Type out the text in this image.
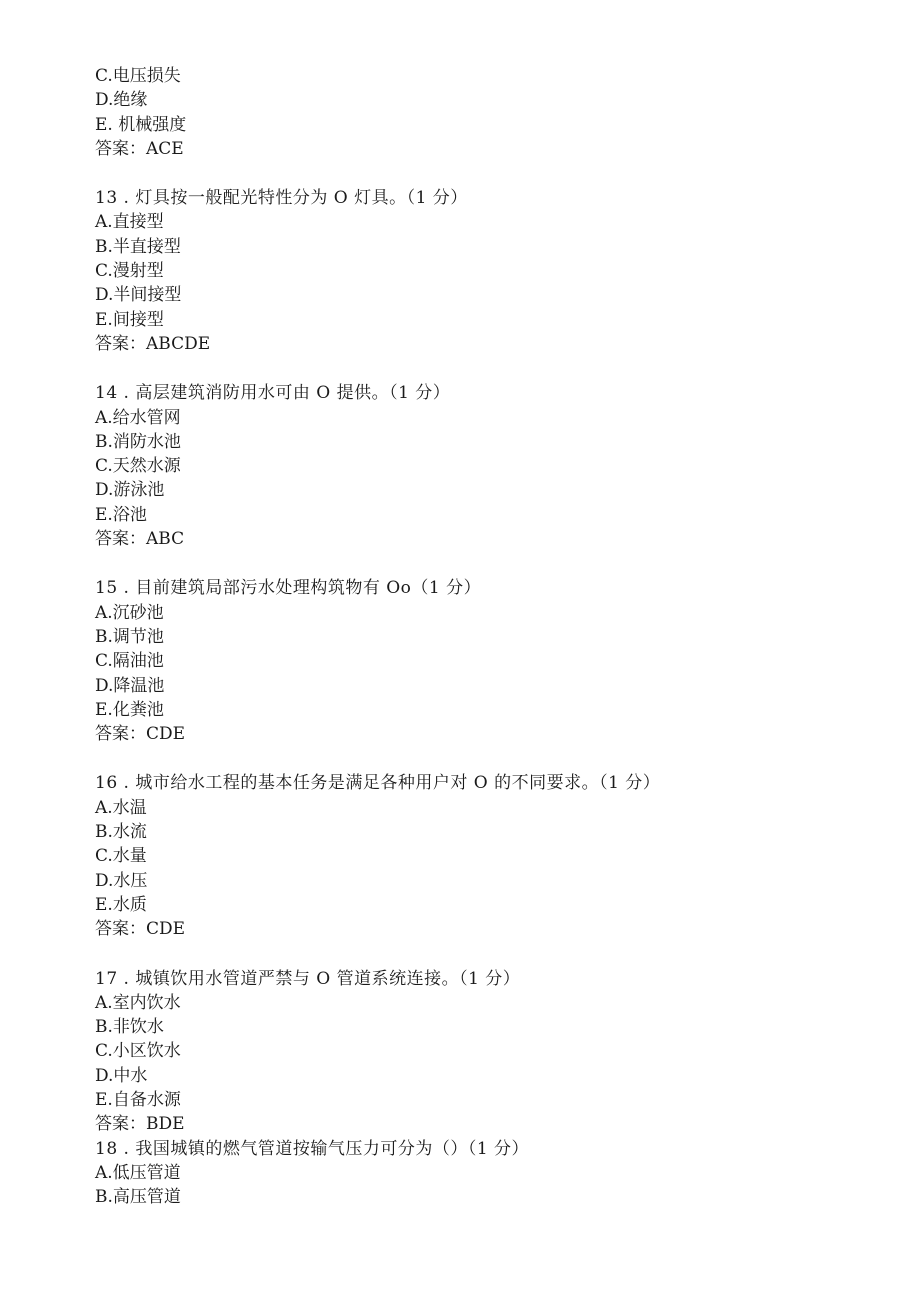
C.电压损失
D.绝缘
E. 机械强度
答案：ACE
13 . 灯具按一般配光特性分为 O 灯具。（1 分）
A.直接型
B.半直接型
C.漫射型
D.半间接型
E.间接型
答案：ABCDE
14 . 高层建筑消防用水可由 O 提供。（1 分）
A.给水管网
B.消防水池
C.天然水源
D.游泳池
E.浴池
答案：ABC
15 . 目前建筑局部污水处理构筑物有 Oo（1 分）
A.沉砂池
B.调节池
C.隔油池
D.降温池
E.化粪池
答案：CDE
16 . 城市给水工程的基本任务是满足各种用户对 O 的不同要求。（1 分）
A.水温
B.水流
C.水量
D.水压
E.水质
答案：CDE
17 . 城镇饮用水管道严禁与 O 管道系统连接。（1 分）
A.室内饮水
B.非饮水
C.小区饮水
D.中水
E.自备水源
答案：BDE
18 . 我国城镇的燃气管道按输气压力可分为（）（1 分）
A.低压管道
B.高压管道
